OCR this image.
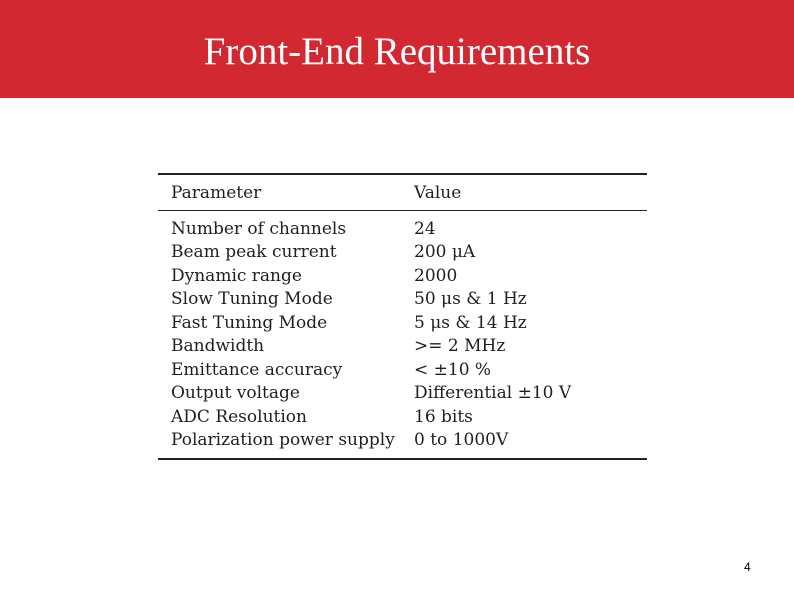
Front-End Requirements
Parameter	Value
Number of channels	24
Beam peak current	200 μA
Dynamic range	2000
Slow Tuning Mode	50 μs & 1 Hz
Fast Tuning Mode	5 μs & 14 Hz
Bandwidth	>= 2 MHz
Emittance accuracy	< ±10 %
Output voltage	Differential ±10 V
ADC Resolution	16 bits
Polarization power supply	0 to 1000V
4
